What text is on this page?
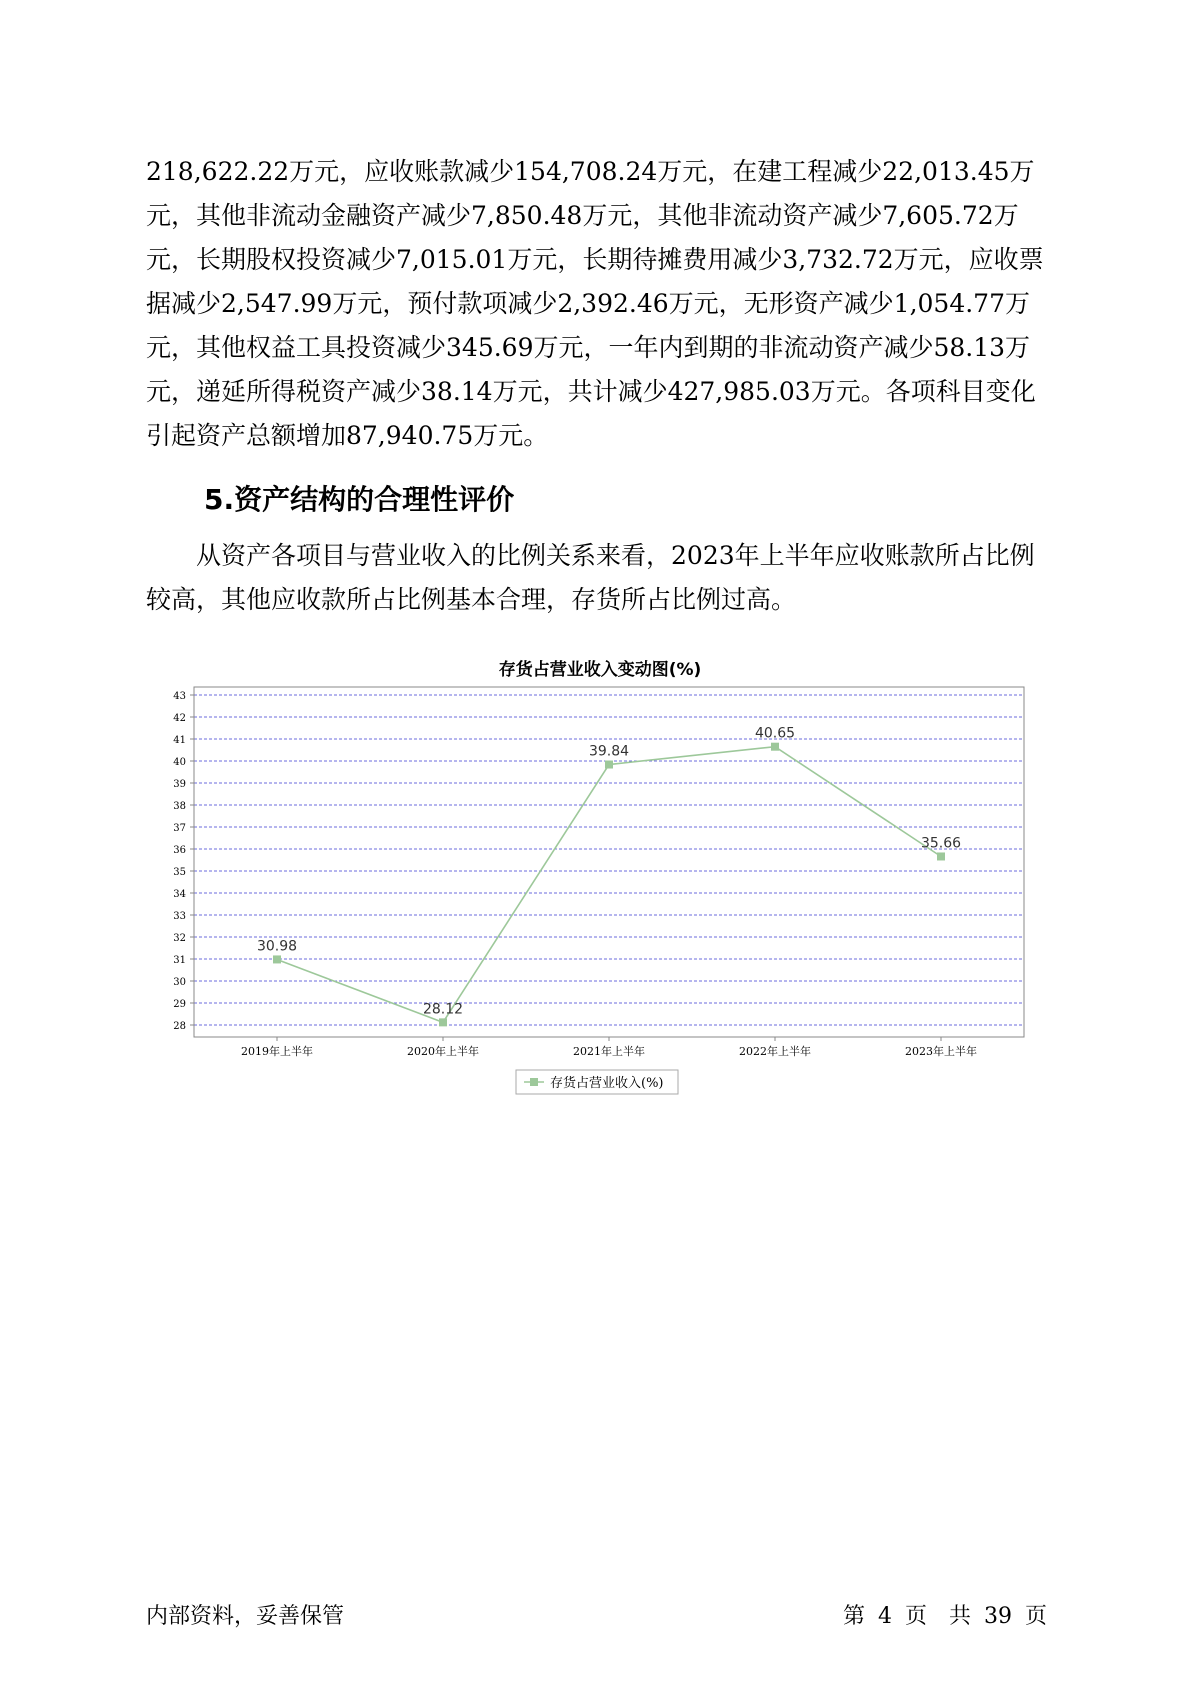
218,622.22万元，应收账款减少154,708.24万元，在建工程减少22,013.45万元，其他非流动金融资产减少7,850.48万元，其他非流动资产减少7,605.72万元，长期股权投资减少7,015.01万元，长期待摊费用减少3,732.72万元，应收票据减少2,547.99万元，预付款项减少2,392.46万元，无形资产减少1,054.77万元，其他权益工具投资减少345.69万元，一年内到期的非流动资产减少58.13万元，递延所得税资产减少38.14万元，共计减少427,985.03万元。各项科目变化引起资产总额增加87,940.75万元。

5.资产结构的合理性评价

从资产各项目与营业收入的比例关系来看，2023年上半年应收账款所占比例较高，其他应收款所占比例基本合理，存货所占比例过高。

存货占营业收入变动图(%)
28
29
30
31
32
33
34
35
36
37
38
39
40
41
42
43
2019年上半年	2020年上半年	2021年上半年	2022年上半年	2023年上半年
30.98
28.12
39.84
40.65
35.66
存货占营业收入(%)
内部资料，妥善保管	第 4 页　共 39 页
